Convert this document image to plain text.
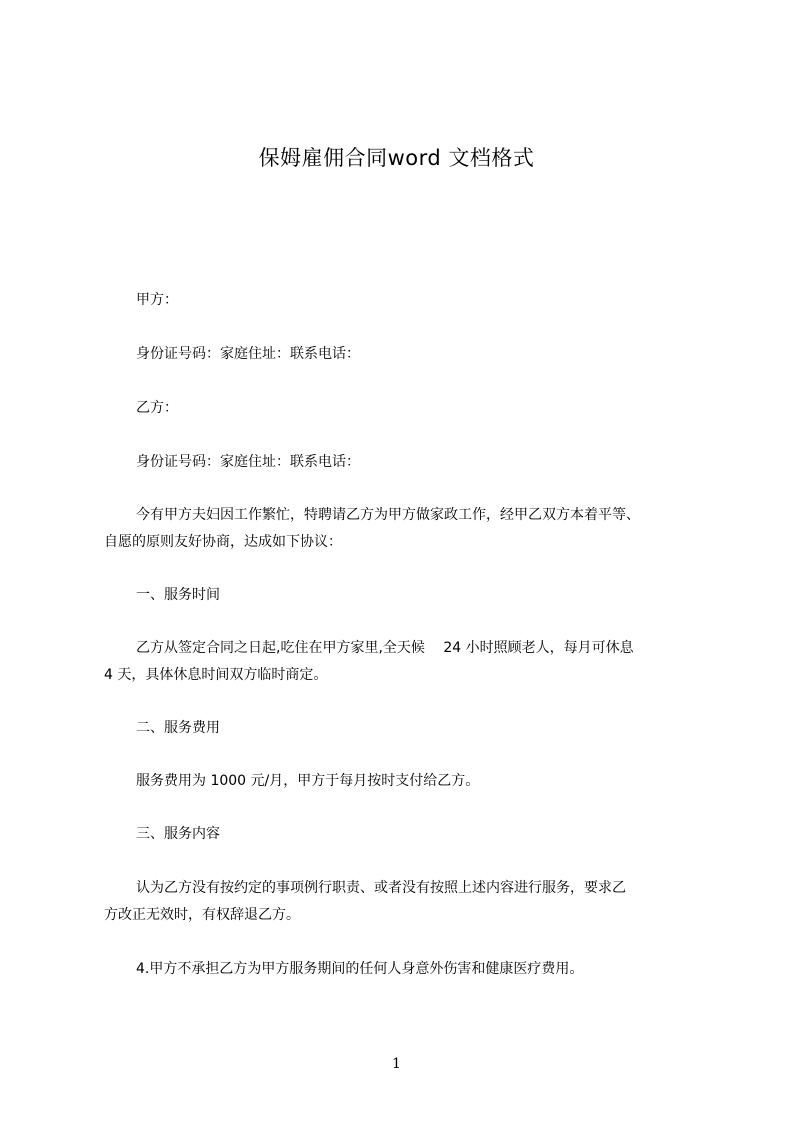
保姆雇佣合同word 文档格式
甲方：
身份证号码：家庭住址：联系电话：
乙方：
身份证号码：家庭住址：联系电话：
今有甲方夫妇因工作繁忙，特聘请乙方为甲方做家政工作，经甲乙双方本着平等、
自愿的原则友好协商，达成如下协议：
一、服务时间
乙方从签定合同之日起,吃住在甲方家里,全天候　 24 小时照顾老人，每月可休息
4 天，具体休息时间双方临时商定。
二、服务费用
服务费用为 1000 元/月，甲方于每月按时支付给乙方。
三、服务内容
认为乙方没有按约定的事项例行职责、或者没有按照上述内容进行服务，要求乙
方改正无效时，有权辞退乙方。
4.甲方不承担乙方为甲方服务期间的任何人身意外伤害和健康医疗费用。
1
